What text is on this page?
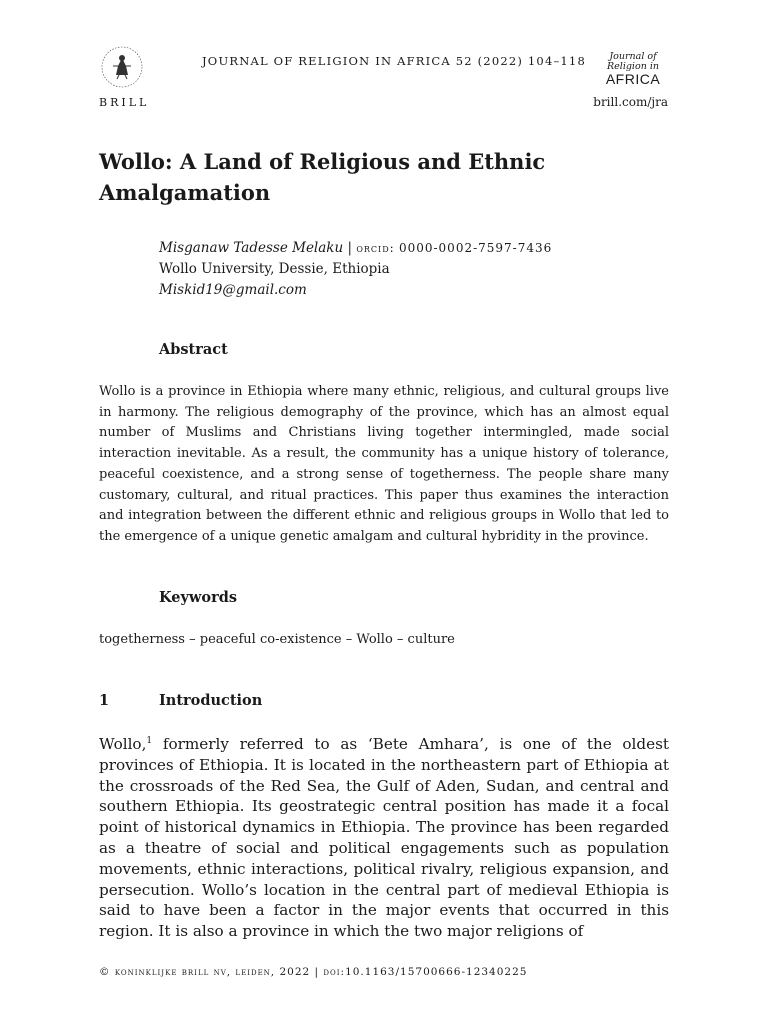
BRILL
JOURNAL OF RELIGION IN AFRICA 52 (2022) 104–118	Journal of
Religion in
AFRICA
brill.com/jra
Wollo: A Land of Religious and Ethnic Amalgamation
Misganaw Tadesse Melaku | orcid: 0000-0002-7597-7436
Wollo University, Dessie, Ethiopia
Miskid19@gmail.com
Abstract
Wollo is a province in Ethiopia where many ethnic, religious, and cultural groups live in harmony. The religious demography of the province, which has an almost equal number of Muslims and Christians living together intermingled, made social interaction inevitable. As a result, the community has a unique history of tolerance, peaceful coexistence, and a strong sense of togetherness. The people share many customary, cultural, and ritual practices. This paper thus examines the interaction and integration between the different ethnic and religious groups in Wollo that led to the emergence of a unique genetic amalgam and cultural hybridity in the province.
Keywords
togetherness – peaceful co-existence – Wollo – culture
1	Introduction

Wollo,$^1$ formerly referred to as ‘Bete Amhara’, is one of the oldest provinces of Ethiopia. It is located in the northeastern part of Ethiopia at the crossroads of the Red Sea, the Gulf of Aden, Sudan, and central and southern Ethiopia. Its geostrategic central position has made it a focal point of historical dynamics in Ethiopia. The province has been regarded as a theatre of social and political engagements such as population movements, ethnic interactions, political rivalry, religious expansion, and persecution. Wollo’s location in the central part of medieval Ethiopia is said to have been a factor in the major events that occurred in this region. It is also a province in which the two major religions of

© koninklijke brill nv, leiden, 2022 | doi:10.1163/15700666-12340225
